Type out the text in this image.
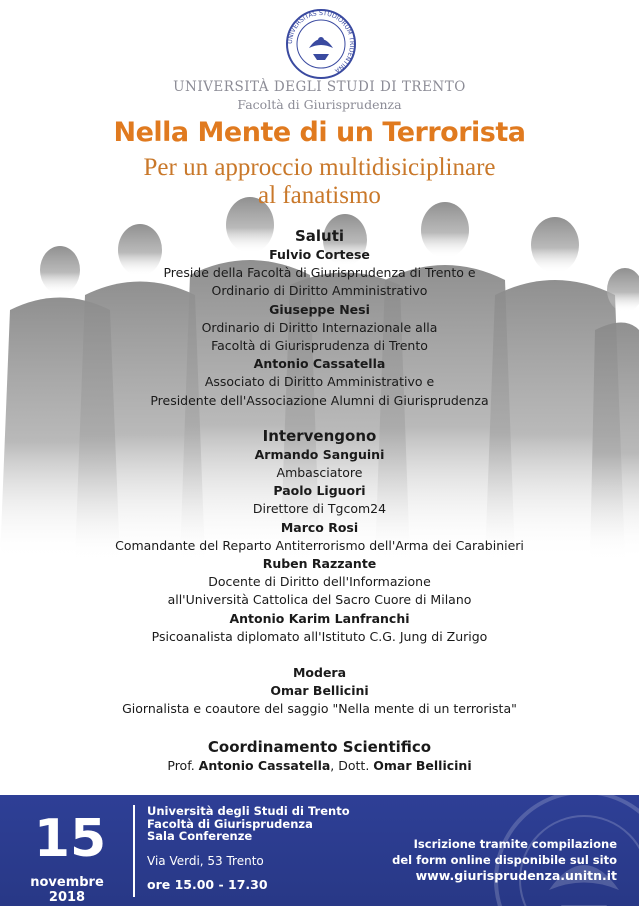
UNIVERSITAS STUDIORUM TRIDENTINA
UNIVERSITÀ DEGLI STUDI DI TRENTO
Facoltà di Giurisprudenza
Nella Mente di un Terrorista
Per un approccio multidisiciplinare
al fanatismo
Saluti
Fulvio Cortese
Preside della Facoltà di Giurisprudenza di Trento e
Ordinario di Diritto Amministrativo
Giuseppe Nesi
Ordinario di Diritto Internazionale alla
Facoltà di Giurisprudenza di Trento
Antonio Cassatella
Associato di Diritto Amministrativo e
Presidente dell'Associazione Alumni di Giurisprudenza
Intervengono
Armando Sanguini
Ambasciatore
Paolo Liguori
Direttore di Tgcom24
Marco Rosi
Comandante del Reparto Antiterrorismo dell'Arma dei Carabinieri
Ruben Razzante
Docente di Diritto dell'Informazione
all'Università Cattolica del Sacro Cuore di Milano
Antonio Karim Lanfranchi
Psicoanalista diplomato all'Istituto C.G. Jung di Zurigo
Modera
Omar Bellicini
Giornalista e coautore del saggio "Nella mente di un terrorista"
Coordinamento Scientifico
Prof. Antonio Cassatella, Dott. Omar Bellicini
15
novembre 2018
Università degli Studi di Trento
Facoltà di Giurisprudenza
Sala Conferenze
Via Verdi, 53 Trento
ore 15.00 - 17.30
Iscrizione tramite compilazione
del form online disponibile sul sito
www.giurisprudenza.unitn.it
